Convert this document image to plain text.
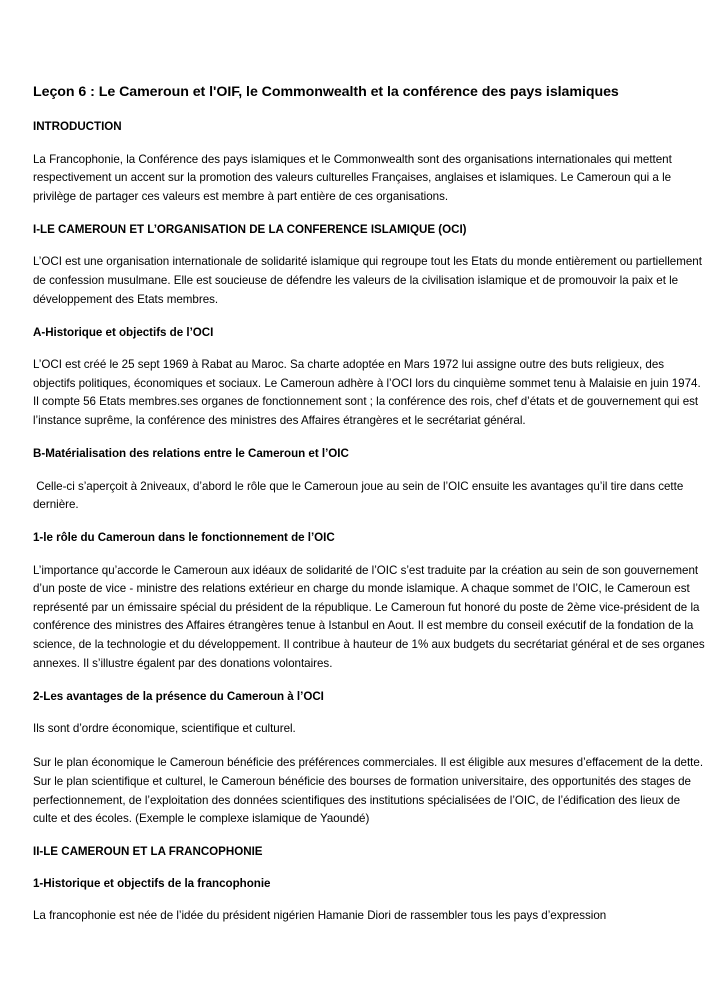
Leçon 6 : Le Cameroun et l'OIF, le Commonwealth et la conférence des pays islamiques
INTRODUCTION

La Francophonie, la Conférence des pays islamiques et le Commonwealth sont des organisations internationales qui mettent respectivement un accent sur la promotion des valeurs culturelles Françaises, anglaises et islamiques. Le Cameroun qui a le privilège de partager ces valeurs est membre à part entière de ces organisations.

I-LE CAMEROUN ET L’ORGANISATION DE LA CONFERENCE ISLAMIQUE (OCI)

L’OCI est une organisation internationale de solidarité islamique qui regroupe tout les Etats du monde entièrement ou partiellement de confession musulmane. Elle est soucieuse de défendre les valeurs de la civilisation islamique et de promouvoir la paix et le développement des Etats membres.

A-Historique et objectifs de l’OCI

L’OCI est créé le 25 sept 1969 à Rabat au Maroc. Sa charte adoptée en Mars 1972 lui assigne outre des buts religieux, des objectifs politiques, économiques et sociaux. Le Cameroun adhère à l’OCI lors du cinquième sommet tenu à Malaisie en juin 1974. Il compte 56 Etats membres.ses organes de fonctionnement sont ; la conférence des rois, chef d’états et de gouvernement qui est l’instance suprême, la conférence des ministres des Affaires étrangères et le secrétariat général.

B-Matérialisation des relations entre le Cameroun et l’OIC

Celle-ci s’aperçoit à 2niveaux, d’abord le rôle que le Cameroun joue au sein de l’OIC ensuite les avantages qu’il tire dans cette dernière.

1-le rôle du Cameroun dans le fonctionnement de l’OIC

L’importance qu’accorde le Cameroun aux idéaux de solidarité de l’OIC s’est traduite par la création au sein de son gouvernement d’un poste de vice - ministre des relations extérieur en charge du monde islamique. A chaque sommet de l’OIC, le Cameroun est représenté par un émissaire spécial du président de la république. Le Cameroun fut honoré du poste de 2ème vice-président de la conférence des ministres des Affaires étrangères tenue à Istanbul en Aout. Il est membre du conseil exécutif de la fondation de la science, de la technologie et du développement. Il contribue à hauteur de 1% aux budgets du secrétariat général et de ses organes annexes. Il s’illustre égalent par des donations volontaires.

2-Les avantages de la présence du Cameroun à l’OCI

Ils sont d’ordre économique, scientifique et culturel.

Sur le plan économique le Cameroun bénéficie des préférences commerciales. Il est éligible aux mesures d’effacement de la dette. Sur le plan scientifique et culturel, le Cameroun bénéficie des bourses de formation universitaire, des opportunités des stages de perfectionnement, de l’exploitation des données scientifiques des institutions spécialisées de l’OIC, de l’édification des lieux de culte et des écoles. (Exemple le complexe islamique de Yaoundé)

II-LE CAMEROUN ET LA FRANCOPHONIE
1-Historique et objectifs de la francophonie

La francophonie est née de l’idée du président nigérien Hamanie Diori de rassembler tous les pays d’expression
